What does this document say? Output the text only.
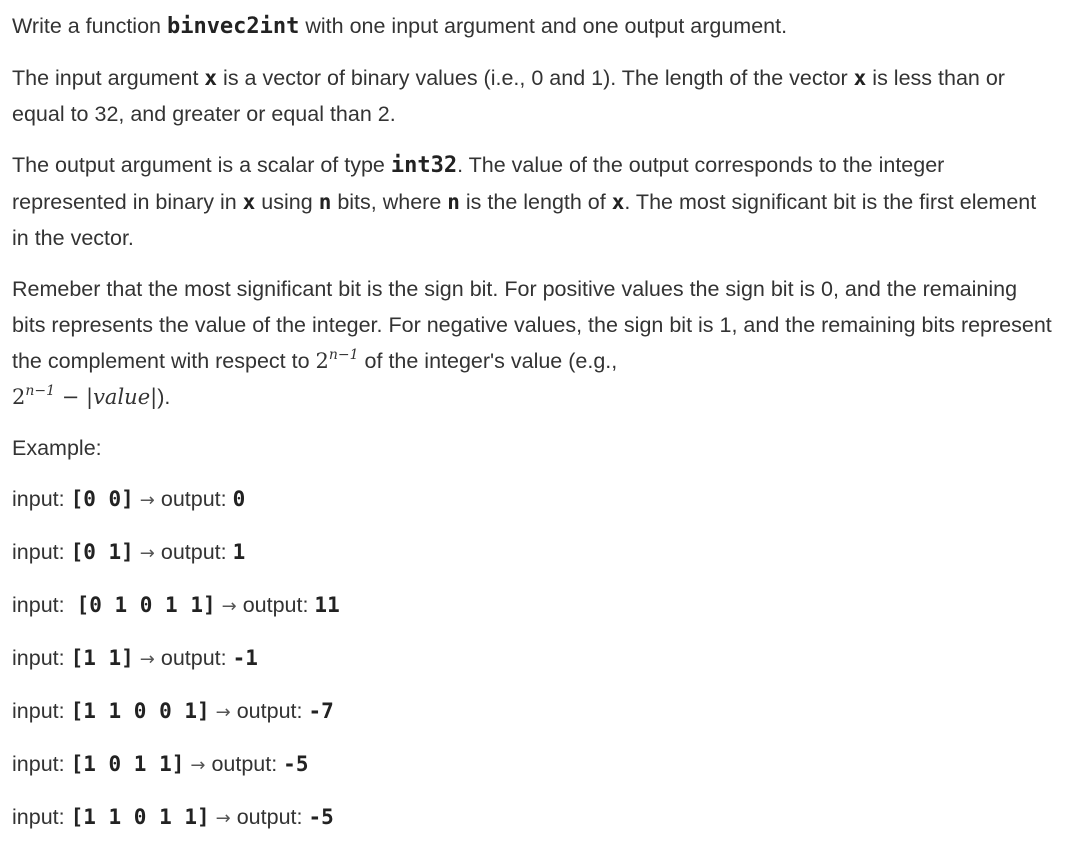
Write a function binvec2int with one input argument and one output argument.

The input argument x is a vector of binary values (i.e., 0 and 1). The length of the vector x is less than or equal to 32, and greater or equal than 2.

The output argument is a scalar of type int32. The value of the output corresponds to the integer represented in binary in x using n bits, where n is the length of x. The most significant bit is the first element in the vector.

Remeber that the most significant bit is the sign bit. For positive values the sign bit is 0, and the remaining bits represents the value of the integer. For negative values, the sign bit is 1, and the remaining bits represent the complement with respect to $2^{n-1}$ of the integer's value (e.g.,
$2^{n-1}$ − |value|).

Example:

input: [0 0] → output: 0
input: [0 1] → output: 1
input:  [0 1 0 1 1] → output: 11
input: [1 1] → output: -1
input: [1 1 0 0 1] → output: -7
input: [1 0 1 1] → output: -5
input: [1 1 0 1 1] → output: -5
